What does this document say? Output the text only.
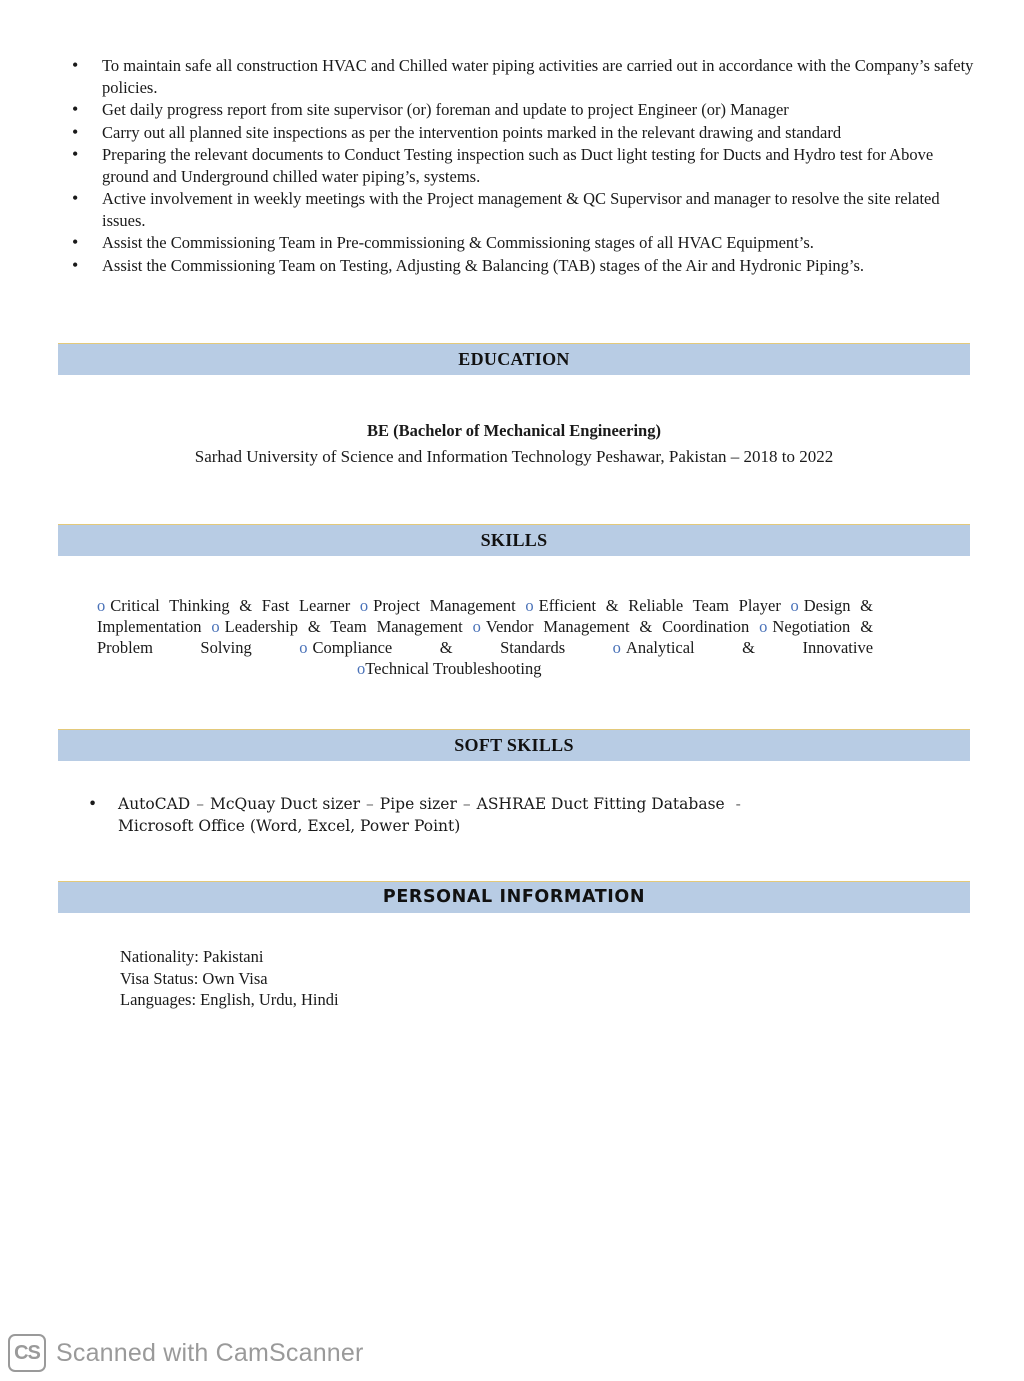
• To maintain safe all construction HVAC and Chilled water piping activities are carried out in accordance with the Company’s safety policies.
• Get daily progress report from site supervisor (or) foreman and update to project Engineer (or) Manager
• Carry out all planned site inspections as per the intervention points marked in the relevant drawing and standard
• Preparing the relevant documents to Conduct Testing inspection such as Duct light testing for Ducts and Hydro test for Above ground and Underground chilled water piping’s, systems.
• Active involvement in weekly meetings with the Project management & QC Supervisor and manager to resolve the site related issues.
• Assist the Commissioning Team in Pre-commissioning & Commissioning stages of all HVAC Equipment’s.
• Assist the Commissioning Team on Testing, Adjusting & Balancing (TAB) stages of the Air and Hydronic Piping’s.
EDUCATION
BE (Bachelor of Mechanical Engineering)
Sarhad University of Science and Information Technology Peshawar, Pakistan – 2018 to 2022
SKILLS
o Critical Thinking & Fast Learner o Project Management o Efficient & Reliable Team Player o Design & Implementation o Leadership & Team Management o Vendor Management & Coordination o Negotiation & Problem Solving	o Compliance & Standards	o Analytical & Innovative oTechnical Troubleshooting
SOFT SKILLS
• AutoCAD – McQuay Duct sizer – Pipe sizer – ASHRAE Duct Fitting Database -
Microsoft Office (Word, Excel, Power Point)
PERSONAL INFORMATION
Nationality: Pakistani
Visa Status: Own Visa
Languages: English, Urdu, Hindi
CS Scanned with CamScanner
